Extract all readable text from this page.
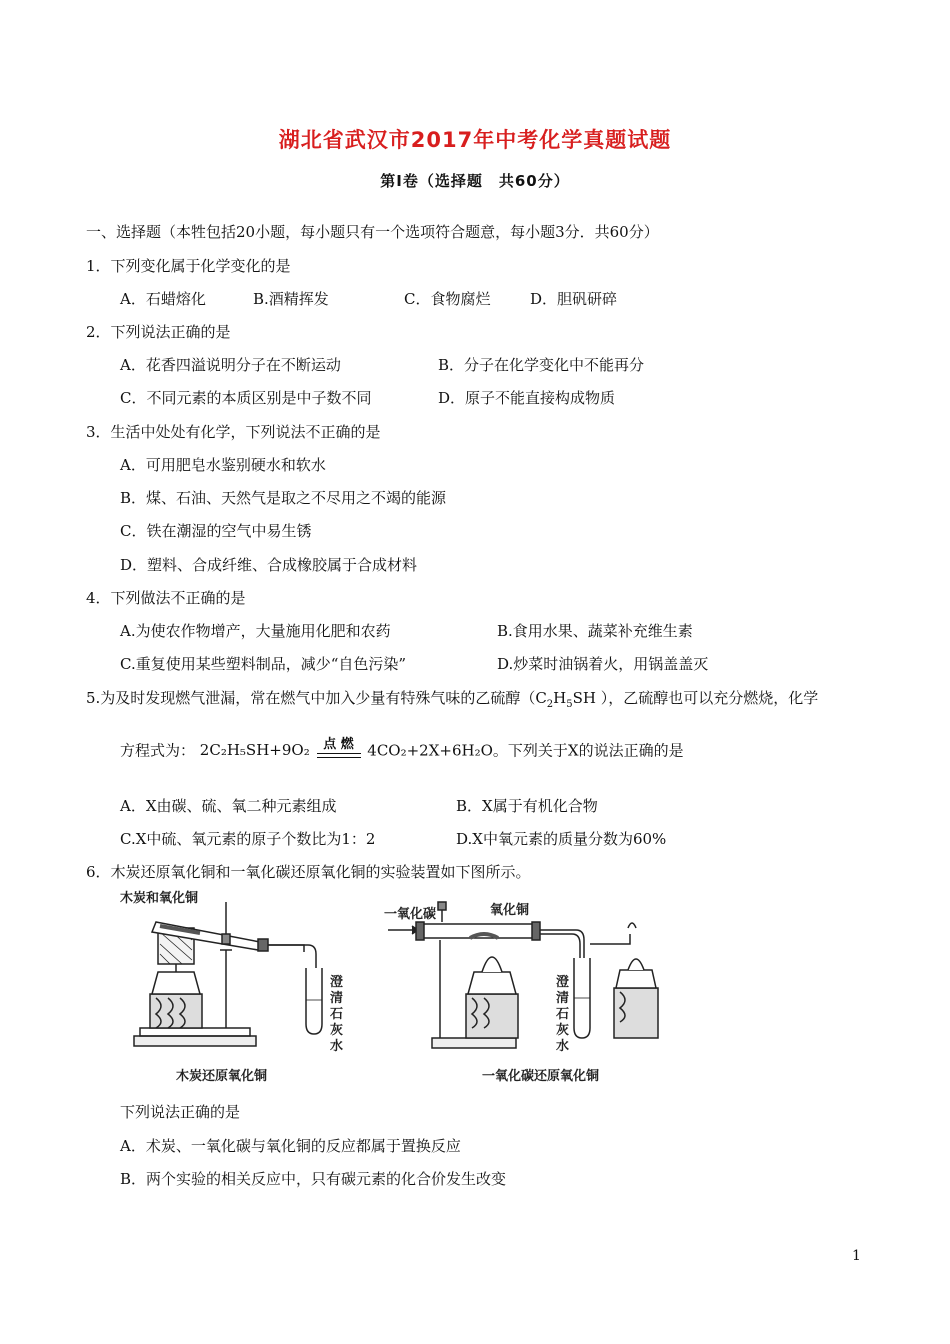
湖北省武汉市2017年中考化学真题试题
第Ⅰ卷（选择题　共60分）
一、选择题（本牲包括20小题，每小题只有一个选项符合题意，每小题3分．共60分）
1．下列变化属于化学变化的是
A．石蜡熔化	B.酒精挥发	C．食物腐烂	D．胆矾研碎
2．下列说法正确的是
A．花香四溢说明分子在不断运动	B．分子在化学变化中不能再分
C．不同元素的本质区别是中子数不同	D．原子不能直接构成物质
3．生活中处处有化学，下列说法不正确的是
A．可用肥皂水鉴别硬水和软水
B．煤、石油、天然气是取之不尽用之不竭的能源
C．铁在潮湿的空气中易生锈
D．塑料、合成纤维、合成橡胶属于合成材料
4．下列做法不正确的是
A.为使农作物增产，大量施用化肥和农药	B.食用水果、蔬菜补充维生素
C.重复使用某些塑料制品，减少“自色污染”	D.炒菜时油锅着火，用锅盖盖灭
5.为及时发现燃气泄漏，常在燃气中加入少量有特殊气味的乙硫醇（$C_2H_5SH$ ），乙硫醇也可以充分燃烧，化学
方程式为： 2C₂H₅SH+9O₂	点 燃 4CO₂+2X+6H₂O。下列关于X的说法正确的是
A．X由碳、硫、氧二种元素组成	B．X属于有机化合物
C.X中硫、氧元素的原子个数比为1：2	D.X中氧元素的质量分数为60%
6．木炭还原氧化铜和一氧化碳还原氧化铜的实验装置如下图所示。
木炭和氧化铜
澄
清
石
灰
水
木炭还原氧化铜
一氧化碳	氧化铜
澄
清
石
灰
水
一氧化碳还原氧化铜
下列说法正确的是
A．术炭、一氧化碳与氧化铜的反应都属于置换反应
B．两个实验的相关反应中，只有碳元素的化合价发生改变
1
